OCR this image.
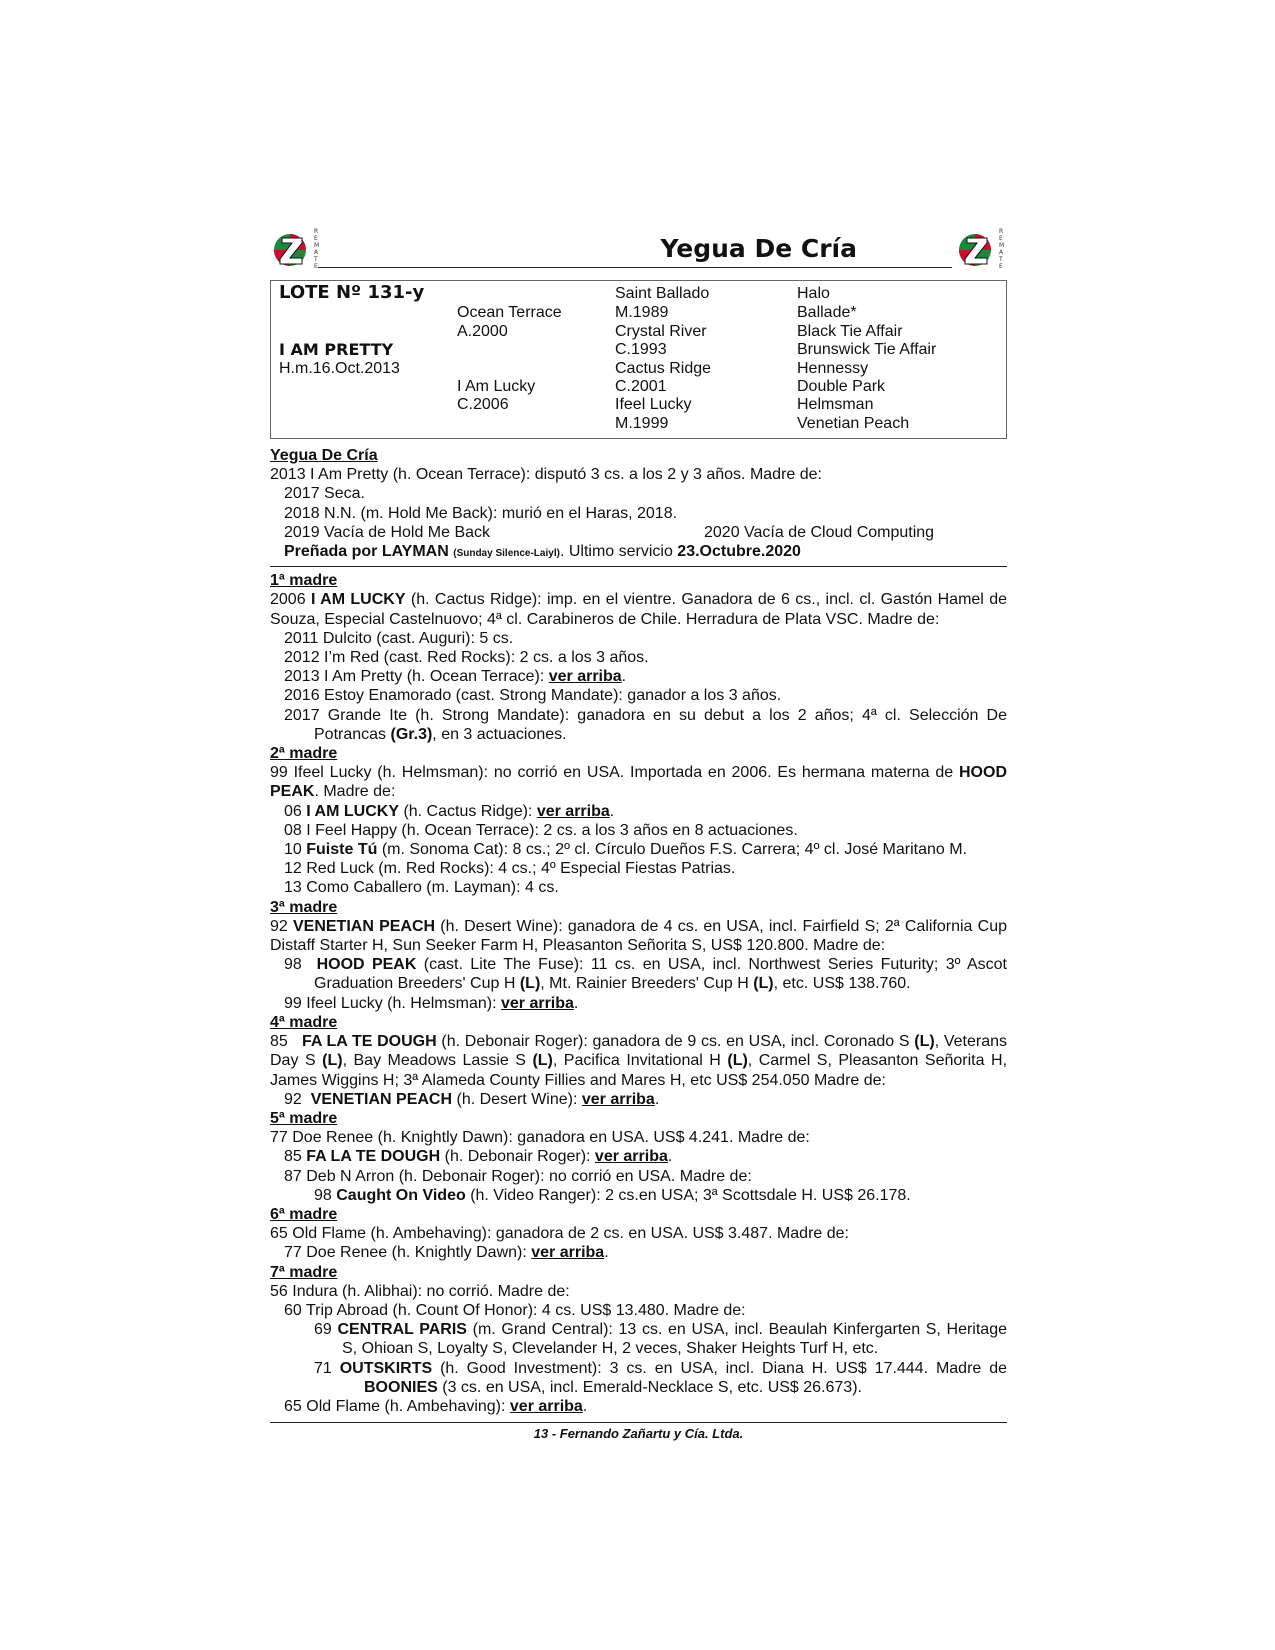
R
E
M
A
T
E
Yegua De Cría
R
E
M
A
T
E
LOTE Nº 131-y
I AM PRETTY
H.m.16.Oct.2013
Ocean Terrace
A.2000
I Am Lucky
C.2006
Saint Ballado
M.1989
Crystal River
C.1993
Cactus Ridge
C.2001
Ifeel Lucky
M.1999
Halo
Ballade*
Black Tie Affair
Brunswick Tie Affair
Hennessy
Double Park
Helmsman
Venetian Peach

Yegua De Cría

2013 I Am Pretty (h. Ocean Terrace): disputó 3 cs. a los 2 y 3 años. Madre de:

2017 Seca.

2018 N.N. (m. Hold Me Back): murió en el Haras, 2018.

2019 Vacía de Hold Me Back	2020 Vacía de Cloud Computing

Preñada por LAYMAN (Sunday Silence-Laiyl). Ultimo servicio 23.Octubre.2020

1ª madre

2006 I AM LUCKY (h. Cactus Ridge): imp. en el vientre. Ganadora de 6 cs., incl. cl. Gastón Hamel de Souza, Especial Castelnuovo; 4ª cl. Carabineros de Chile. Herradura de Plata VSC. Madre de:

2011 Dulcito (cast. Auguri): 5 cs.

2012 I’m Red (cast. Red Rocks): 2 cs. a los 3 años.

2013 I Am Pretty (h. Ocean Terrace): ver arriba.

2016 Estoy Enamorado (cast. Strong Mandate): ganador a los 3 años.

2017 Grande Ite (h. Strong Mandate): ganadora en su debut a los 2 años; 4ª cl. Selección De Potrancas (Gr.3), en 3 actuaciones.

2ª madre

99 Ifeel Lucky (h. Helmsman): no corrió en USA. Importada en 2006. Es hermana materna de HOOD PEAK. Madre de:

06 I AM LUCKY (h. Cactus Ridge): ver arriba.

08 I Feel Happy (h. Ocean Terrace): 2 cs. a los 3 años en 8 actuaciones.

10 Fuiste Tú (m. Sonoma Cat): 8 cs.; 2º cl. Círculo Dueños F.S. Carrera; 4º cl. José Maritano M.

12 Red Luck (m. Red Rocks): 4 cs.; 4º Especial Fiestas Patrias.

13 Como Caballero (m. Layman): 4 cs.

3ª madre

92 VENETIAN PEACH (h. Desert Wine): ganadora de 4 cs. en USA, incl. Fairfield S; 2ª California Cup Distaff Starter H, Sun Seeker Farm H, Pleasanton Señorita S, US$ 120.800. Madre de:

98 HOOD PEAK (cast. Lite The Fuse): 11 cs. en USA, incl. Northwest Series Futurity; 3º Ascot Graduation Breeders' Cup H (L), Mt. Rainier Breeders' Cup H (L), etc. US$ 138.760.

99 Ifeel Lucky (h. Helmsman): ver arriba.

4ª madre

85 FA LA TE DOUGH (h. Debonair Roger): ganadora de 9 cs. en USA, incl. Coronado S (L), Veterans Day S (L), Bay Meadows Lassie S (L), Pacifica Invitational H (L), Carmel S, Pleasanton Señorita H, James Wiggins H; 3ª Alameda County Fillies and Mares H, etc US$ 254.050 Madre de:

92 VENETIAN PEACH (h. Desert Wine): ver arriba.

5ª madre

77 Doe Renee (h. Knightly Dawn): ganadora en USA. US$ 4.241. Madre de:

85 FA LA TE DOUGH (h. Debonair Roger): ver arriba.

87 Deb N Arron (h. Debonair Roger): no corrió en USA. Madre de:

98 Caught On Video (h. Video Ranger): 2 cs.en USA; 3ª Scottsdale H. US$ 26.178.

6ª madre

65 Old Flame (h. Ambehaving): ganadora de 2 cs. en USA. US$ 3.487. Madre de:

77 Doe Renee (h. Knightly Dawn): ver arriba.

7ª madre

56 Indura (h. Alibhai): no corrió. Madre de:

60 Trip Abroad (h. Count Of Honor): 4 cs. US$ 13.480. Madre de:

69 CENTRAL PARIS (m. Grand Central): 13 cs. en USA, incl. Beaulah Kinfergarten S, Heritage S, Ohioan S, Loyalty S, Clevelander H, 2 veces, Shaker Heights Turf H, etc.

71 OUTSKIRTS (h. Good Investment): 3 cs. en USA, incl. Diana H. US$ 17.444. Madre de BOONIES (3 cs. en USA, incl. Emerald-Necklace S, etc. US$ 26.673).

65 Old Flame (h. Ambehaving): ver arriba.

13 - Fernando Zañartu y Cía. Ltda.
